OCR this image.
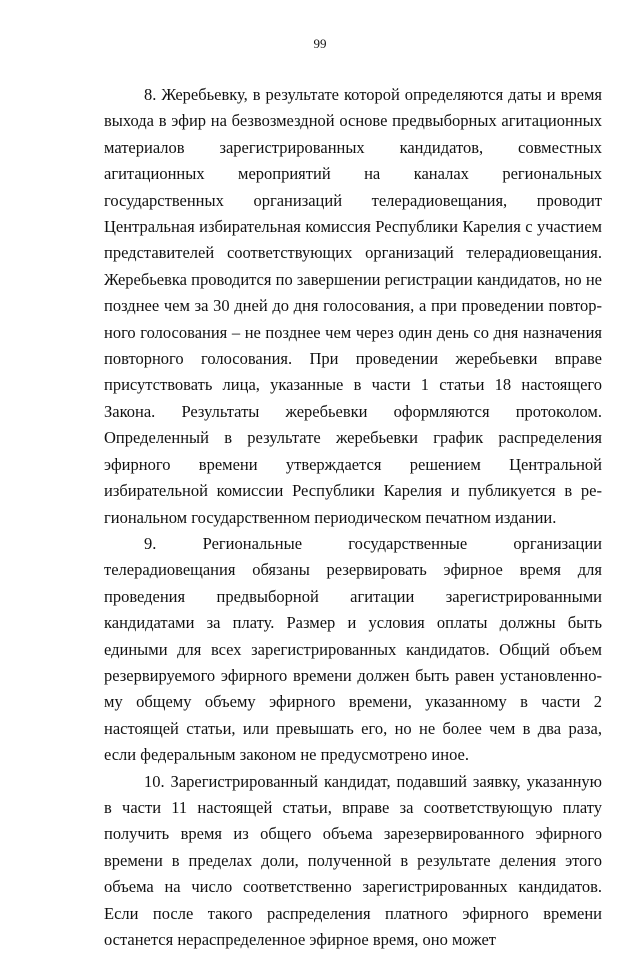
99

8. Жеребьевку, в результате которой определяются даты и время выхода в эфир на безвозмездной основе предвыборных агитационных материалов зарегистрированных кандидатов, совместных агитационных мероприятий на каналах региональных государственных организаций телерадиовещания, проводит Центральная избирательная комиссия Республики Карелия с участием представителей соответствующих организаций телерадиовещания. Жеребьевка проводится по завершении регистрации кандидатов, но не позднее чем за 30 дней до дня голосования, а при проведении повторного голосования – не позднее чем через один день со дня назначения повторного голосования. При проведении жеребьевки вправе присутствовать лица, указанные в части 1 статьи 18 настоящего Закона. Результаты жеребьевки оформляются протоколом. Определенный в результате жеребьевки график распределения эфирного времени утверждается решением Центральной избирательной комиссии Республики Карелия и публикуется в региональном государственном периодическом печатном издании.

9. Региональные государственные организации телерадиовещания обязаны резервировать эфирное время для проведения предвыборной агитации зарегистрированными кандидатами за плату. Размер и условия оплаты должны быть едиными для всех зарегистрированных кандидатов. Общий объем резервируемого эфирного времени должен быть равен установленному общему объему эфирного времени, указанному в части 2 настоящей статьи, или превышать его, но не более чем в два раза, если федеральным законом не предусмотрено иное.

10. Зарегистрированный кандидат, подавший заявку, указанную в части 11 настоящей статьи, вправе за соответствующую плату получить время из общего объема зарезервированного эфирного времени в пределах доли, полученной в результате деления этого объема на число соответственно зарегистрированных кандидатов. Если после такого распределения платного эфирного времени останется нераспределенное эфирное время, оно может
